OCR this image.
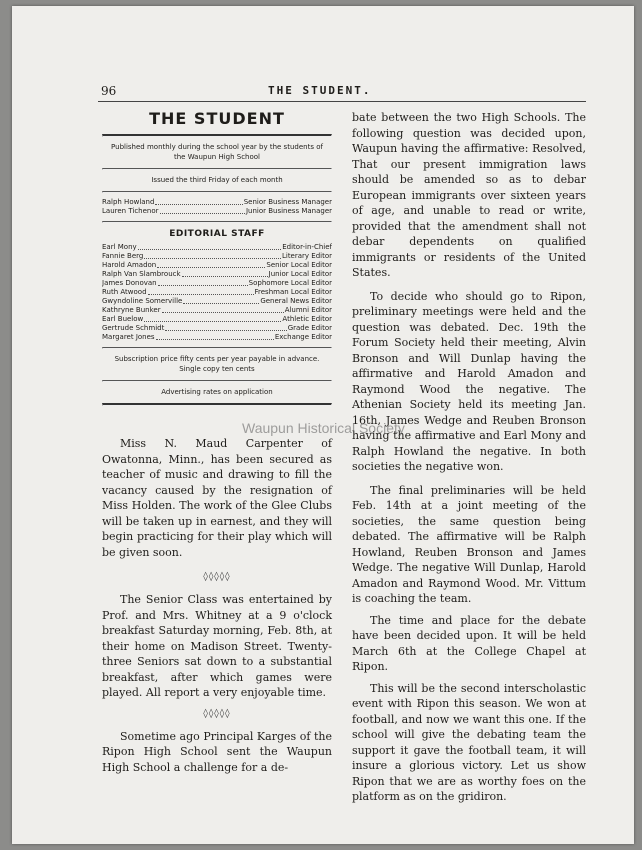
96	THE STUDENT.
THE STUDENT
Published monthly during the school year by the students of the Waupun High School
Issued the third Friday of each month
Ralph Howland	Senior Business Manager
Lauren Tichenor	Junior Business Manager
EDITORIAL STAFF
Earl Mony	Editor-in-Chief
Fannie Berg	Literary Editor
Harold Amadon	Senior Local Editor
Ralph Van Slambrouck	Junior Local Editor
James Donovan	Sophomore Local Editor
Ruth Atwood	Freshman Local Editor
Gwyndoline Somerville	General News Editor
Kathryne Bunker	Alumni Editor
Earl Buelow	Athletic Editor
Gertrude Schmidt	Grade Editor
Margaret Jones	Exchange Editor
Subscription price fifty cents per year payable in advance. Single copy ten cents
Advertising rates on application

Miss N. Maud Carpenter of Owatonna, Minn., has been secured as teacher of music and drawing to fill the vacancy caused by the resignation of Miss Holden. The work of the Glee Clubs will be taken up in earnest, and they will begin practicing for their play which will be given soon.

◊◊◊◊◊

The Senior Class was entertained by Prof. and Mrs. Whitney at a 9 o'clock breakfast Saturday morning, Feb. 8th, at their home on Madison Street. Twenty-three Seniors sat down to a substantial breakfast, after which games were played. All report a very enjoyable time.

◊◊◊◊◊

Sometime ago Principal Karges of the Ripon High School sent the Waupun High School a challenge for a de-

bate between the two High Schools. The following question was decided upon, Waupun having the affirmative: Resolved, That our present immigration laws should be amended so as to debar European immigrants over sixteen years of age, and unable to read or write, provided that the amendment shall not debar dependents on qualified immigrants or residents of the United States.

To decide who should go to Ripon, preliminary meetings were held and the question was debated. Dec. 19th the Forum Society held their meeting, Alvin Bronson and Will Dunlap having the affirmative and Harold Amadon and Raymond Wood the negative. The Athenian Society held its meeting Jan. 16th, James Wedge and Reuben Bronson having the affirmative and Earl Mony and Ralph Howland the negative. In both societies the negative won.

The final preliminaries will be held Feb. 14th at a joint meeting of the societies, the same question being debated. The affirmative will be Ralph Howland, Reuben Bronson and James Wedge. The negative Will Dunlap, Harold Amadon and Raymond Wood. Mr. Vittum is coaching the team.

The time and place for the debate have been decided upon. It will be held March 6th at the College Chapel at Ripon.

This will be the second interscholastic event with Ripon this season. We won at football, and now we want this one. If the school will give the debating team the support it gave the football team, it will insure a glorious victory. Let us show Ripon that we are as worthy foes on the platform as on the gridiron.

Waupun Historical Society
